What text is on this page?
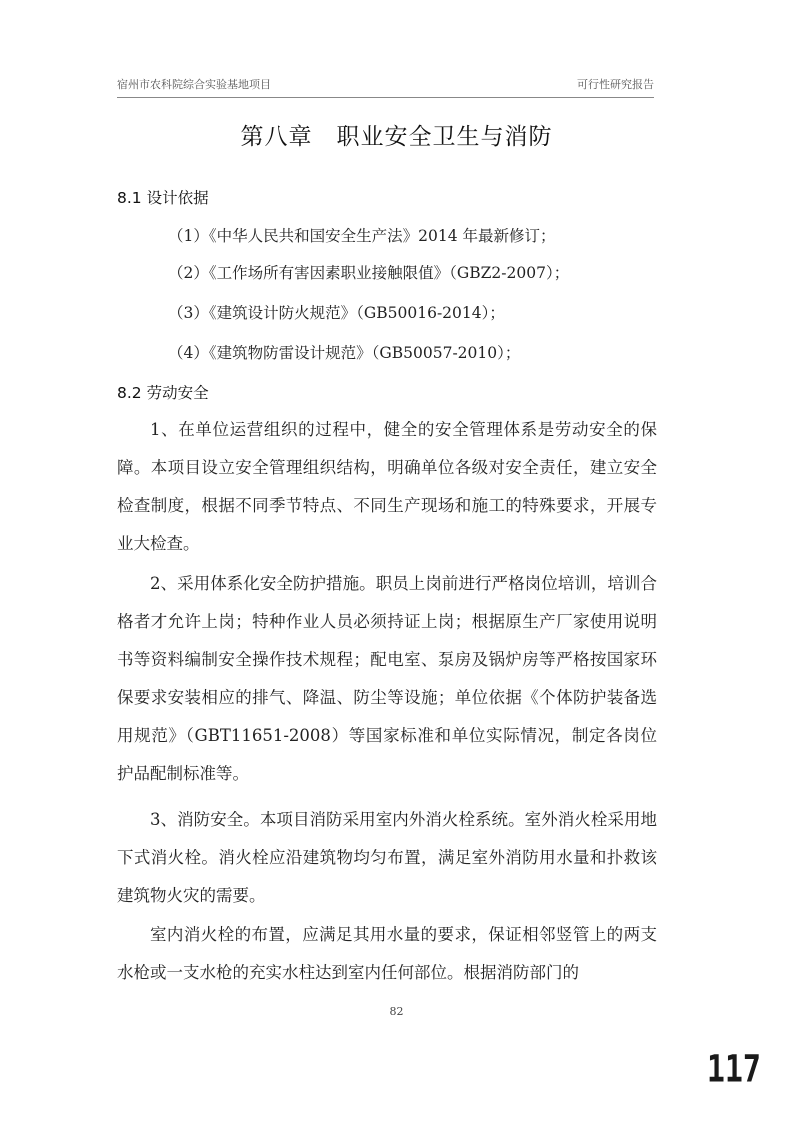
宿州市农科院综合实验基地项目	可行性研究报告
第八章　职业安全卫生与消防
8.1 设计依据
（1）《中华人民共和国安全生产法》2014 年最新修订；
（2）《工作场所有害因素职业接触限值》（GBZ2-2007）；
（3）《建筑设计防火规范》（GB50016-2014）；
（4）《建筑物防雷设计规范》（GB50057-2010）；
8.2 劳动安全
1、在单位运营组织的过程中，健全的安全管理体系是劳动安全的保障。本项目设立安全管理组织结构，明确单位各级对安全责任，建立安全检查制度，根据不同季节特点、不同生产现场和施工的特殊要求，开展专业大检查。
2、采用体系化安全防护措施。职员上岗前进行严格岗位培训，培训合格者才允许上岗；特种作业人员必须持证上岗；根据原生产厂家使用说明书等资料编制安全操作技术规程；配电室、泵房及锅炉房等严格按国家环保要求安装相应的排气、降温、防尘等设施；单位依据《个体防护装备选用规范》（GBT11651-2008）等国家标准和单位实际情况，制定各岗位护品配制标准等。
3、消防安全。本项目消防采用室内外消火栓系统。室外消火栓采用地下式消火栓。消火栓应沿建筑物均匀布置，满足室外消防用水量和扑救该建筑物火灾的需要。
室内消火栓的布置，应满足其用水量的要求，保证相邻竖管上的两支水枪或一支水枪的充实水柱达到室内任何部位。根据消防部门的
82
117
